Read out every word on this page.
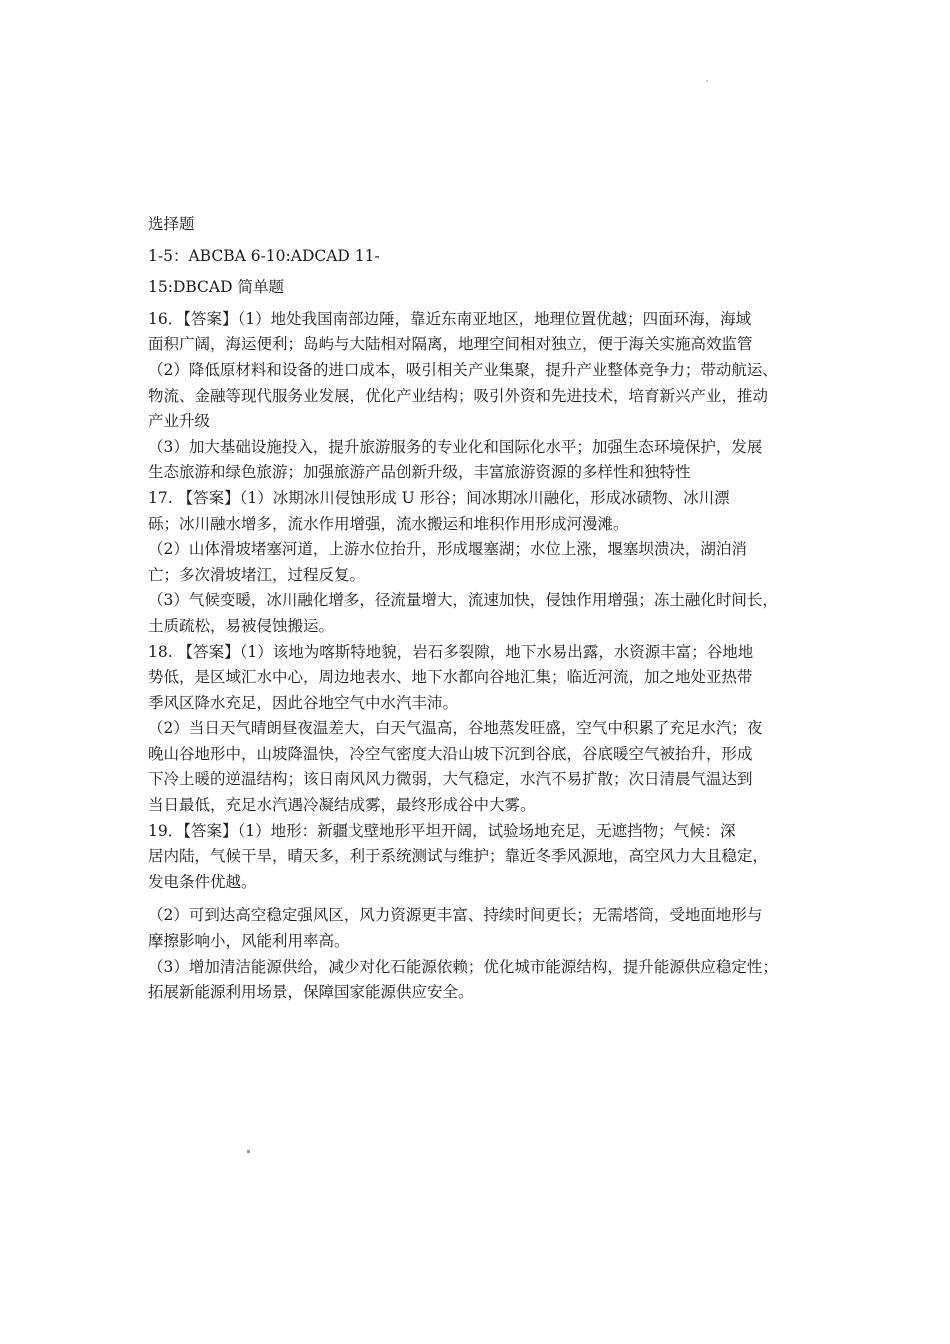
选择题
1-5：ABCBA 6-10:ADCAD 11-
15:DBCAD 简单题
16．【答案】（1）地处我国南部边陲，靠近东南亚地区，地理位置优越；四面环海，海域
面积广阔，海运便利；岛屿与大陆相对隔离，地理空间相对独立，便于海关实施高效监管
（2）降低原材料和设备的进口成本，吸引相关产业集聚，提升产业整体竞争力；带动航运、
物流、金融等现代服务业发展，优化产业结构；吸引外资和先进技术，培育新兴产业，推动
产业升级
（3）加大基础设施投入，提升旅游服务的专业化和国际化水平；加强生态环境保护，发展
生态旅游和绿色旅游；加强旅游产品创新升级，丰富旅游资源的多样性和独特性
17. 【答案】（1）冰期冰川侵蚀形成 U 形谷；间冰期冰川融化，形成冰碛物、冰川漂
砾；冰川融水增多，流水作用增强，流水搬运和堆积作用形成河漫滩。
（2）山体滑坡堵塞河道，上游水位抬升，形成堰塞湖；水位上涨，堰塞坝溃决，湖泊消
亡；多次滑坡堵江，过程反复。
（3）气候变暖，冰川融化增多，径流量增大，流速加快，侵蚀作用增强；冻土融化时间长，
土质疏松，易被侵蚀搬运。
18. 【答案】（1）该地为喀斯特地貌，岩石多裂隙，地下水易出露，水资源丰富；谷地地
势低，是区域汇水中心，周边地表水、地下水都向谷地汇集；临近河流，加之地处亚热带
季风区降水充足，因此谷地空气中水汽丰沛。
（2）当日天气晴朗昼夜温差大，白天气温高，谷地蒸发旺盛，空气中积累了充足水汽；夜
晚山谷地形中，山坡降温快，冷空气密度大沿山坡下沉到谷底，谷底暖空气被抬升，形成
下冷上暖的逆温结构；该日南风风力微弱，大气稳定，水汽不易扩散；次日清晨气温达到
当日最低，充足水汽遇冷凝结成雾，最终形成谷中大雾。
19．【答案】（1）地形：新疆戈壁地形平坦开阔，试验场地充足，无遮挡物；气候：深
居内陆，气候干旱，晴天多，利于系统测试与维护；靠近冬季风源地，高空风力大且稳定，
发电条件优越。
（2）可到达高空稳定强风区，风力资源更丰富、持续时间更长；无需塔筒，受地面地形与
摩擦影响小，风能利用率高。
（3）增加清洁能源供给，减少对化石能源依赖；优化城市能源结构，提升能源供应稳定性；
拓展新能源利用场景，保障国家能源供应安全。
